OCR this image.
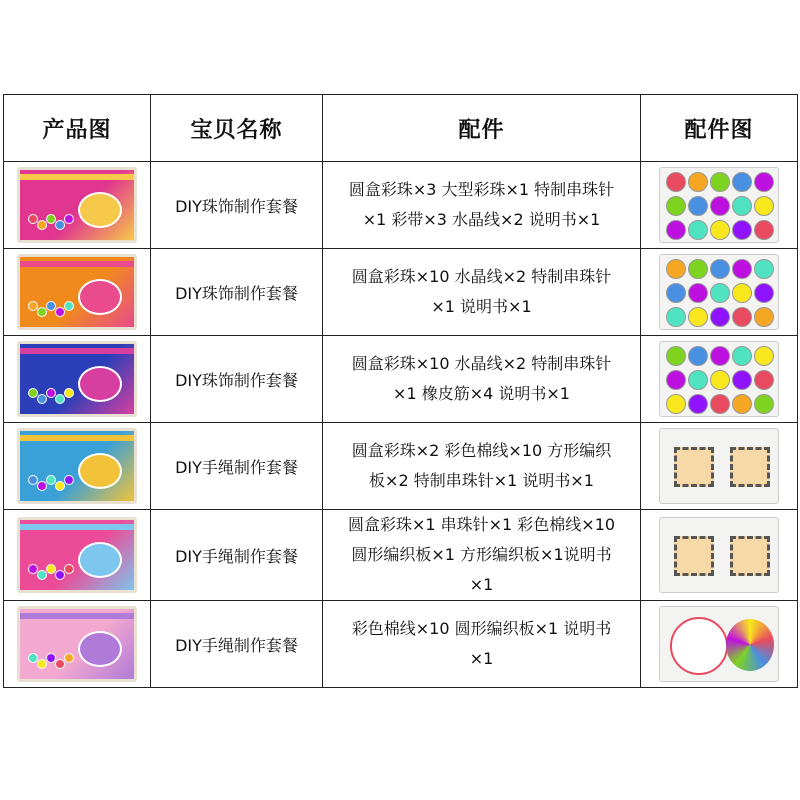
产品图	宝贝名称	配件	配件图

	DIY珠饰制作套餐	圆盒彩珠×3 大型彩珠×1 特制串珠针
×1 彩带×3 水晶线×2 说明书×1	

	DIY珠饰制作套餐	圆盒彩珠×10 水晶线×2 特制串珠针
×1 说明书×1	

	DIY珠饰制作套餐	圆盒彩珠×10 水晶线×2 特制串珠针
×1 橡皮筋×4 说明书×1	

	DIY手绳制作套餐	圆盒彩珠×2 彩色棉线×10 方形编织
板×2 特制串珠针×1 说明书×1	

	DIY手绳制作套餐	圆盒彩珠×1 串珠针×1 彩色棉线×10
圆形编织板×1 方形编织板×1说明书
×1	

	DIY手绳制作套餐	彩色棉线×10 圆形编织板×1 说明书
×1	
